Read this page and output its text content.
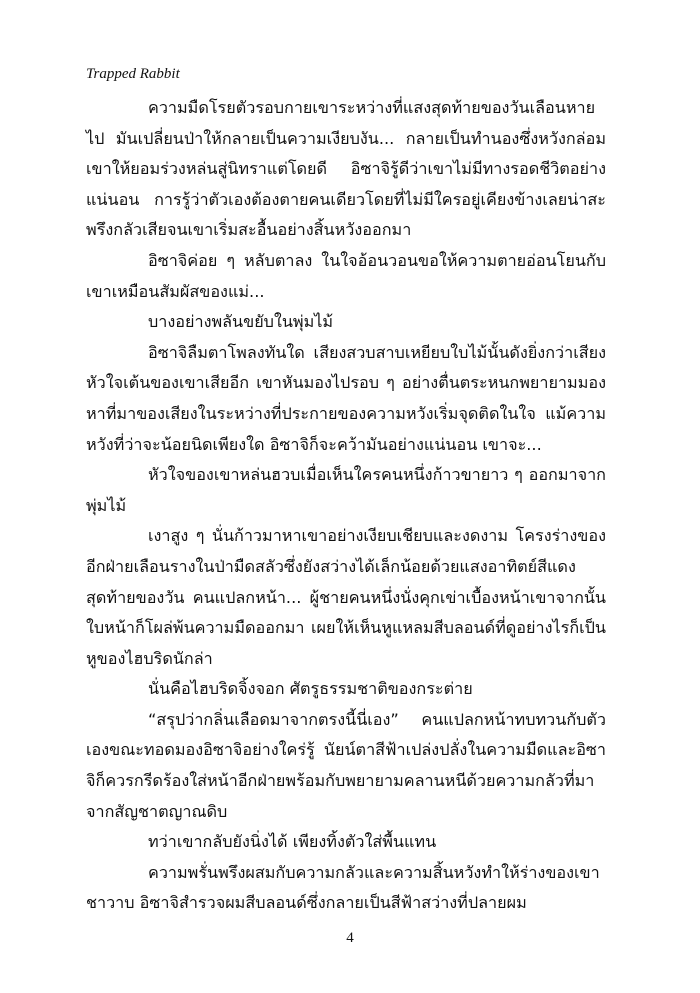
Trapped Rabbit

ความมืดโรยตัวรอบกายเขาระหว่างที่แสงสุดท้ายของวันเลือนหายไป มันเปลี่ยนป่าให้กลายเป็นความเงียบงัน... กลายเป็นทำนองซึ่งหวังกล่อมเขาให้ยอมร่วงหล่นสู่นิทราแต่โดยดี อิซาจิรู้ดีว่าเขาไม่มีทางรอดชีวิตอย่างแน่นอน การรู้ว่าตัวเองต้องตายคนเดียวโดยที่ไม่มีใครอยู่เคียงข้างเลยน่าสะพรึงกลัวเสียจนเขาเริ่มสะอื้นอย่างสิ้นหวังออกมา

อิซาจิค่อย ๆ หลับตาลง ในใจอ้อนวอนขอให้ความตายอ่อนโยนกับเขาเหมือนสัมผัสของแม่...

บางอย่างพลันขยับในพุ่มไม้

อิซาจิลืมตาโพลงทันใด เสียงสวบสาบเหยียบใบไม้นั้นดังยิ่งกว่าเสียงหัวใจเต้นของเขาเสียอีก เขาหันมองไปรอบ ๆ อย่างตื่นตระหนกพยายามมองหาที่มาของเสียงในระหว่างที่ประกายของความหวังเริ่มจุดติดในใจ แม้ความหวังที่ว่าจะน้อยนิดเพียงใด อิซาจิก็จะคว้ามันอย่างแน่นอน เขาจะ...

หัวใจของเขาหล่นฮวบเมื่อเห็นใครคนหนึ่งก้าวขายาว ๆ ออกมาจากพุ่มไม้

เงาสูง ๆ นั่นก้าวมาหาเขาอย่างเงียบเชียบและงดงาม โครงร่างของอีกฝ่ายเลือนรางในป่ามืดสลัวซึ่งยังสว่างได้เล็กน้อยด้วยแสงอาทิตย์สีแดงสุดท้ายของวัน คนแปลกหน้า... ผู้ชายคนหนึ่งนั่งคุกเข่าเบื้องหน้าเขาจากนั้นใบหน้าก็โผล่พ้นความมืดออกมา เผยให้เห็นหูแหลมสีบลอนด์ที่ดูอย่างไรก็เป็นหูของไฮบริดนักล่า

นั่นคือไฮบริดจิ้งจอก ศัตรูธรรมชาติของกระต่าย

“สรุปว่ากลิ่นเลือดมาจากตรงนี้นี่เอง” คนแปลกหน้าทบทวนกับตัวเองขณะทอดมองอิซาจิอย่างใคร่รู้ นัยน์ตาสีฟ้าเปล่งปลั่งในความมืดและอิซาจิก็ควรกรีดร้องใส่หน้าอีกฝ่ายพร้อมกับพยายามคลานหนีด้วยความกลัวที่มาจากสัญชาตญาณดิบ

ทว่าเขากลับยังนิ่งได้ เพียงทิ้งตัวใส่พื้นแทน

ความพรั่นพรึงผสมกับความกลัวและความสิ้นหวังทำให้ร่างของเขาชาวาบ อิซาจิสำรวจผมสีบลอนด์ซึ่งกลายเป็นสีฟ้าสว่างที่ปลายผม

4
